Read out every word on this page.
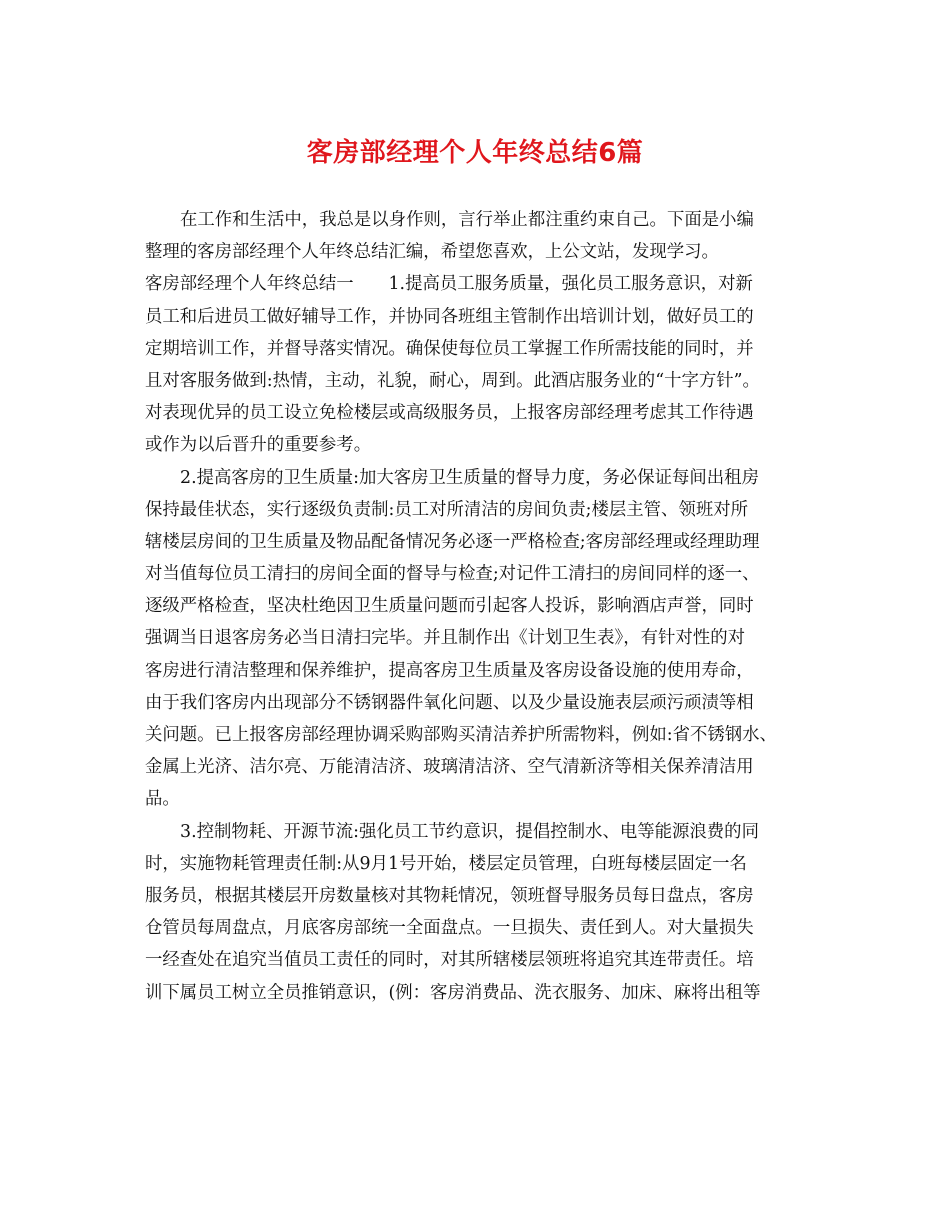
客房部经理个人年终总结6篇
在工作和生活中，我总是以身作则，言行举止都注重约束自己。下面是小编
整理的客房部经理个人年终总结汇编，希望您喜欢，上公文站，发现学习。
客房部经理个人年终总结一　　1.提高员工服务质量，强化员工服务意识，对新
员工和后进员工做好辅导工作，并协同各班组主管制作出培训计划，做好员工的
定期培训工作，并督导落实情况。确保使每位员工掌握工作所需技能的同时，并
且对客服务做到:热情，主动，礼貌，耐心，周到。此酒店服务业的“十字方针”。
对表现优异的员工设立免检楼层或高级服务员，上报客房部经理考虑其工作待遇
或作为以后晋升的重要参考。
2.提高客房的卫生质量:加大客房卫生质量的督导力度，务必保证每间出租房
保持最佳状态，实行逐级负责制:员工对所清洁的房间负责;楼层主管、领班对所
辖楼层房间的卫生质量及物品配备情况务必逐一严格检查;客房部经理或经理助理
对当值每位员工清扫的房间全面的督导与检查;对记件工清扫的房间同样的逐一、
逐级严格检查，坚决杜绝因卫生质量问题而引起客人投诉，影响酒店声誉，同时
强调当日退客房务必当日清扫完毕。并且制作出《计划卫生表》，有针对性的对
客房进行清洁整理和保养维护，提高客房卫生质量及客房设备设施的使用寿命，
由于我们客房内出现部分不锈钢器件氧化问题、以及少量设施表层顽污顽渍等相
关问题。已上报客房部经理协调采购部购买清洁养护所需物料，例如:省不锈钢水、
金属上光济、洁尔亮、万能清洁济、玻璃清洁济、空气清新济等相关保养清洁用
品。
3.控制物耗、开源节流:强化员工节约意识，提倡控制水、电等能源浪费的同
时，实施物耗管理责任制:从9月1号开始，楼层定员管理，白班每楼层固定一名
服务员，根据其楼层开房数量核对其物耗情况，领班督导服务员每日盘点，客房
仓管员每周盘点，月底客房部统一全面盘点。一旦损失、责任到人。对大量损失
一经查处在追究当值员工责任的同时，对其所辖楼层领班将追究其连带责任。培
训下属员工树立全员推销意识，(例：客房消费品、洗衣服务、加床、麻将出租等
